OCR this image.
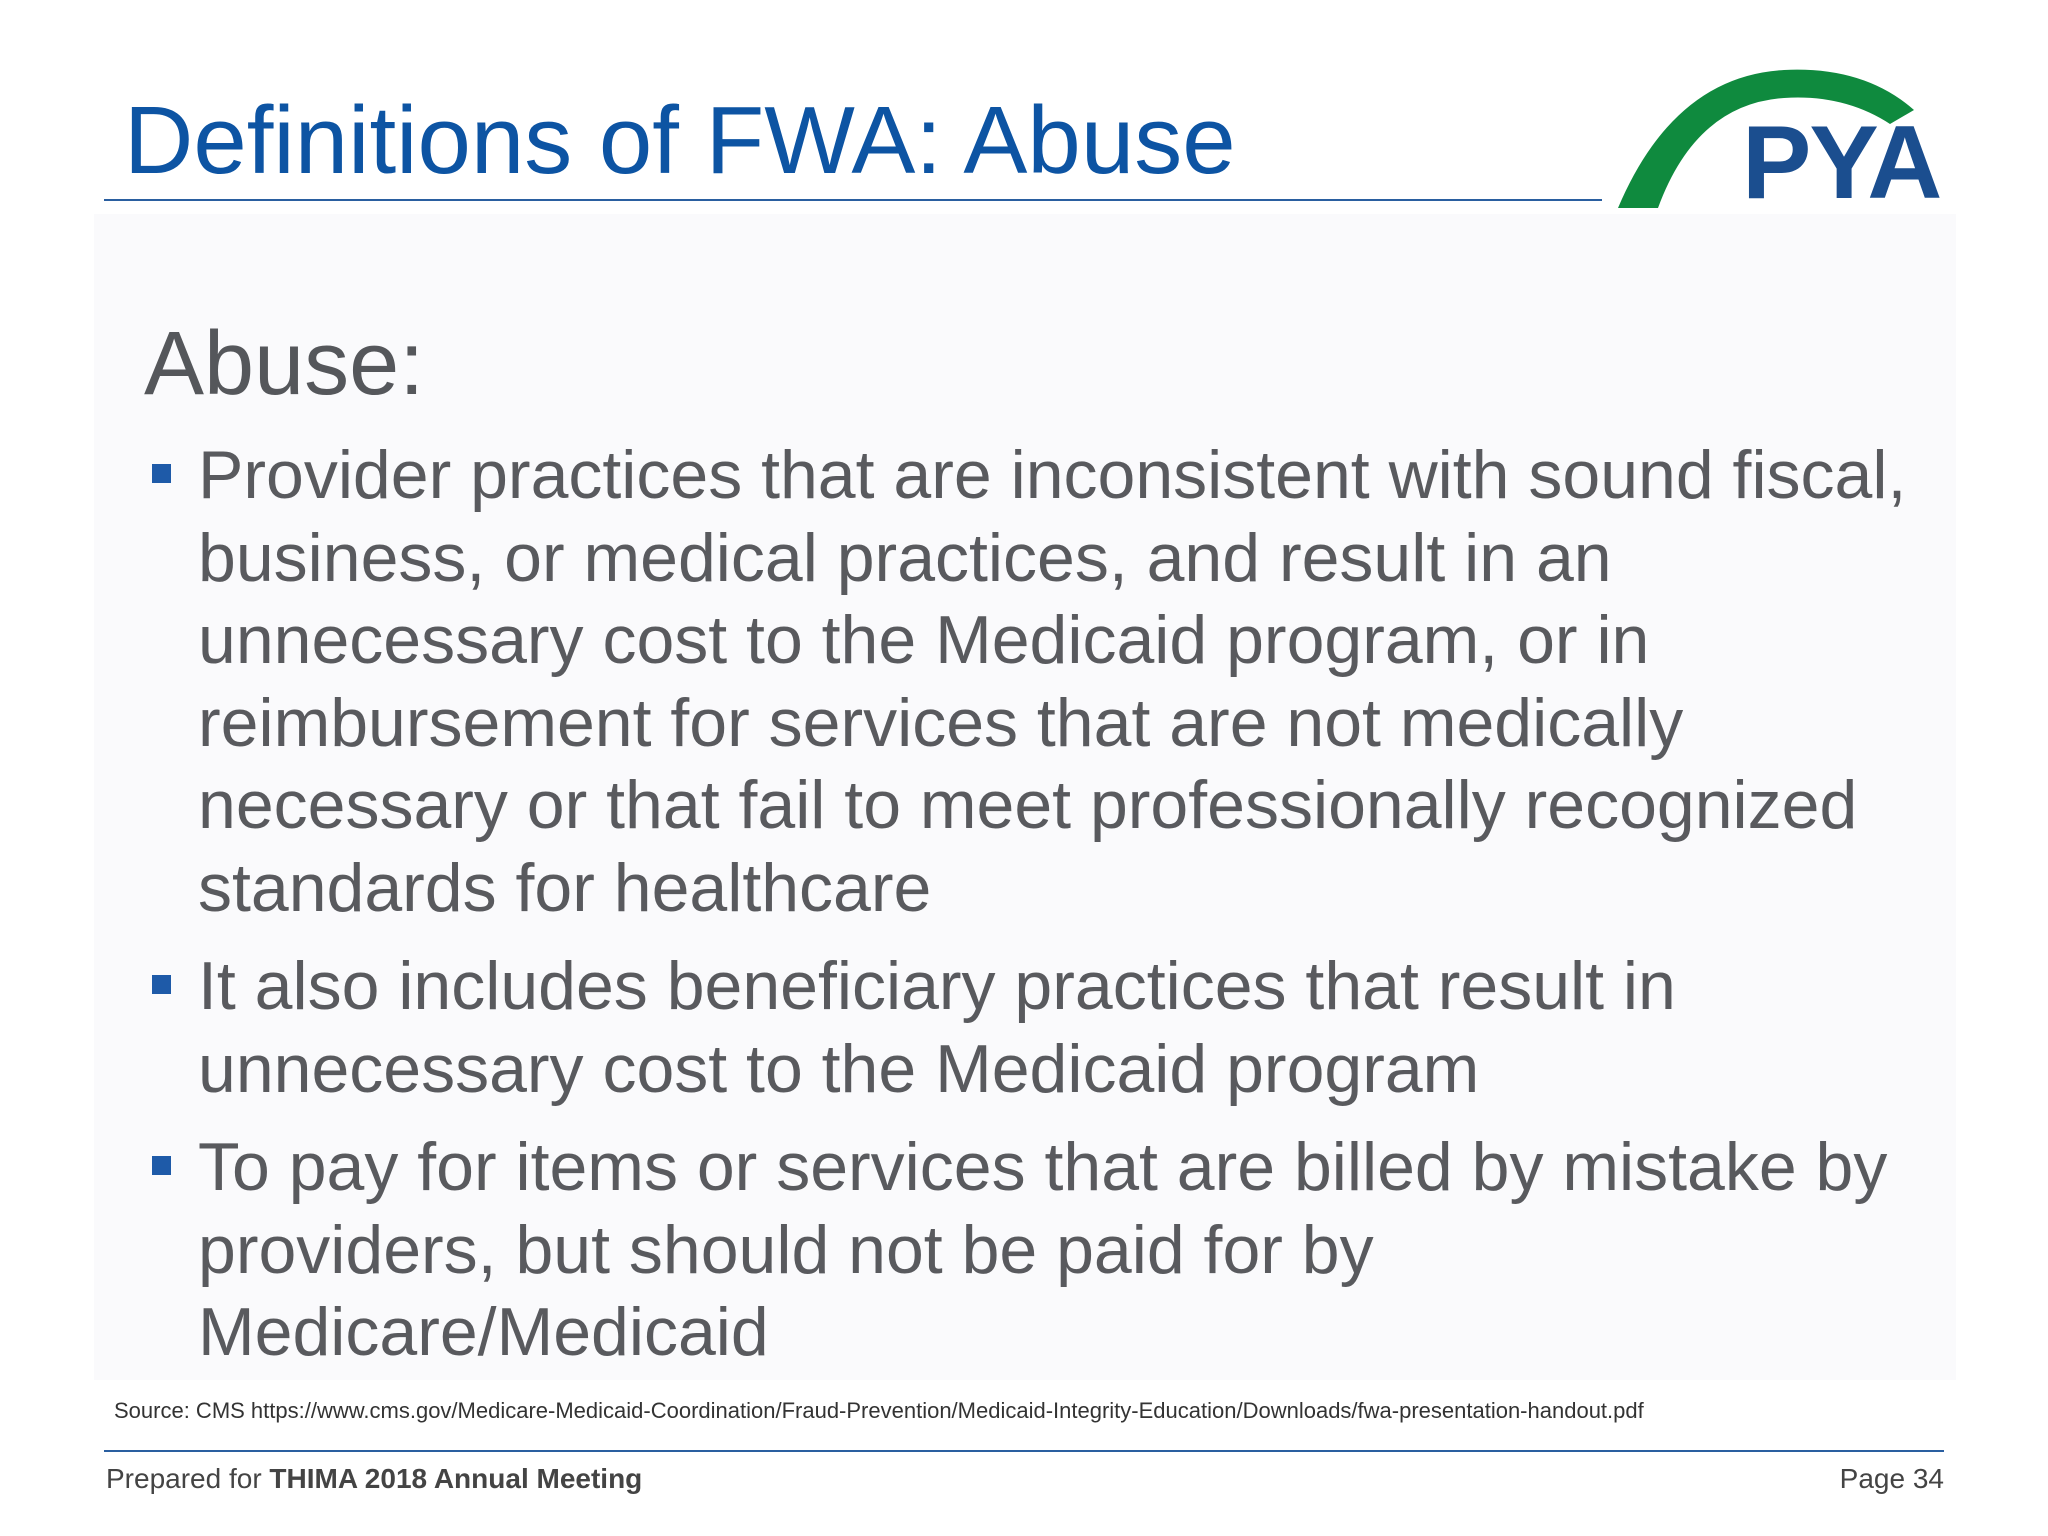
Definitions of FWA: Abuse	PYA
Abuse:
Provider practices that are inconsistent with sound fiscal, business, or medical practices, and result in an unnecessary cost to the Medicaid program, or in reimbursement for services that are not medically necessary or that fail to meet professionally recognized standards for healthcare
It also includes beneficiary practices that result in unnecessary cost to the Medicaid program
To pay for items or services that are billed by mistake by providers, but should not be paid for by Medicare/Medicaid
Source: CMS https://www.cms.gov/Medicare-Medicaid-Coordination/Fraud-Prevention/Medicaid-Integrity-Education/Downloads/fwa-presentation-handout.pdf
Prepared for THIMA 2018 Annual Meeting	Page 34
